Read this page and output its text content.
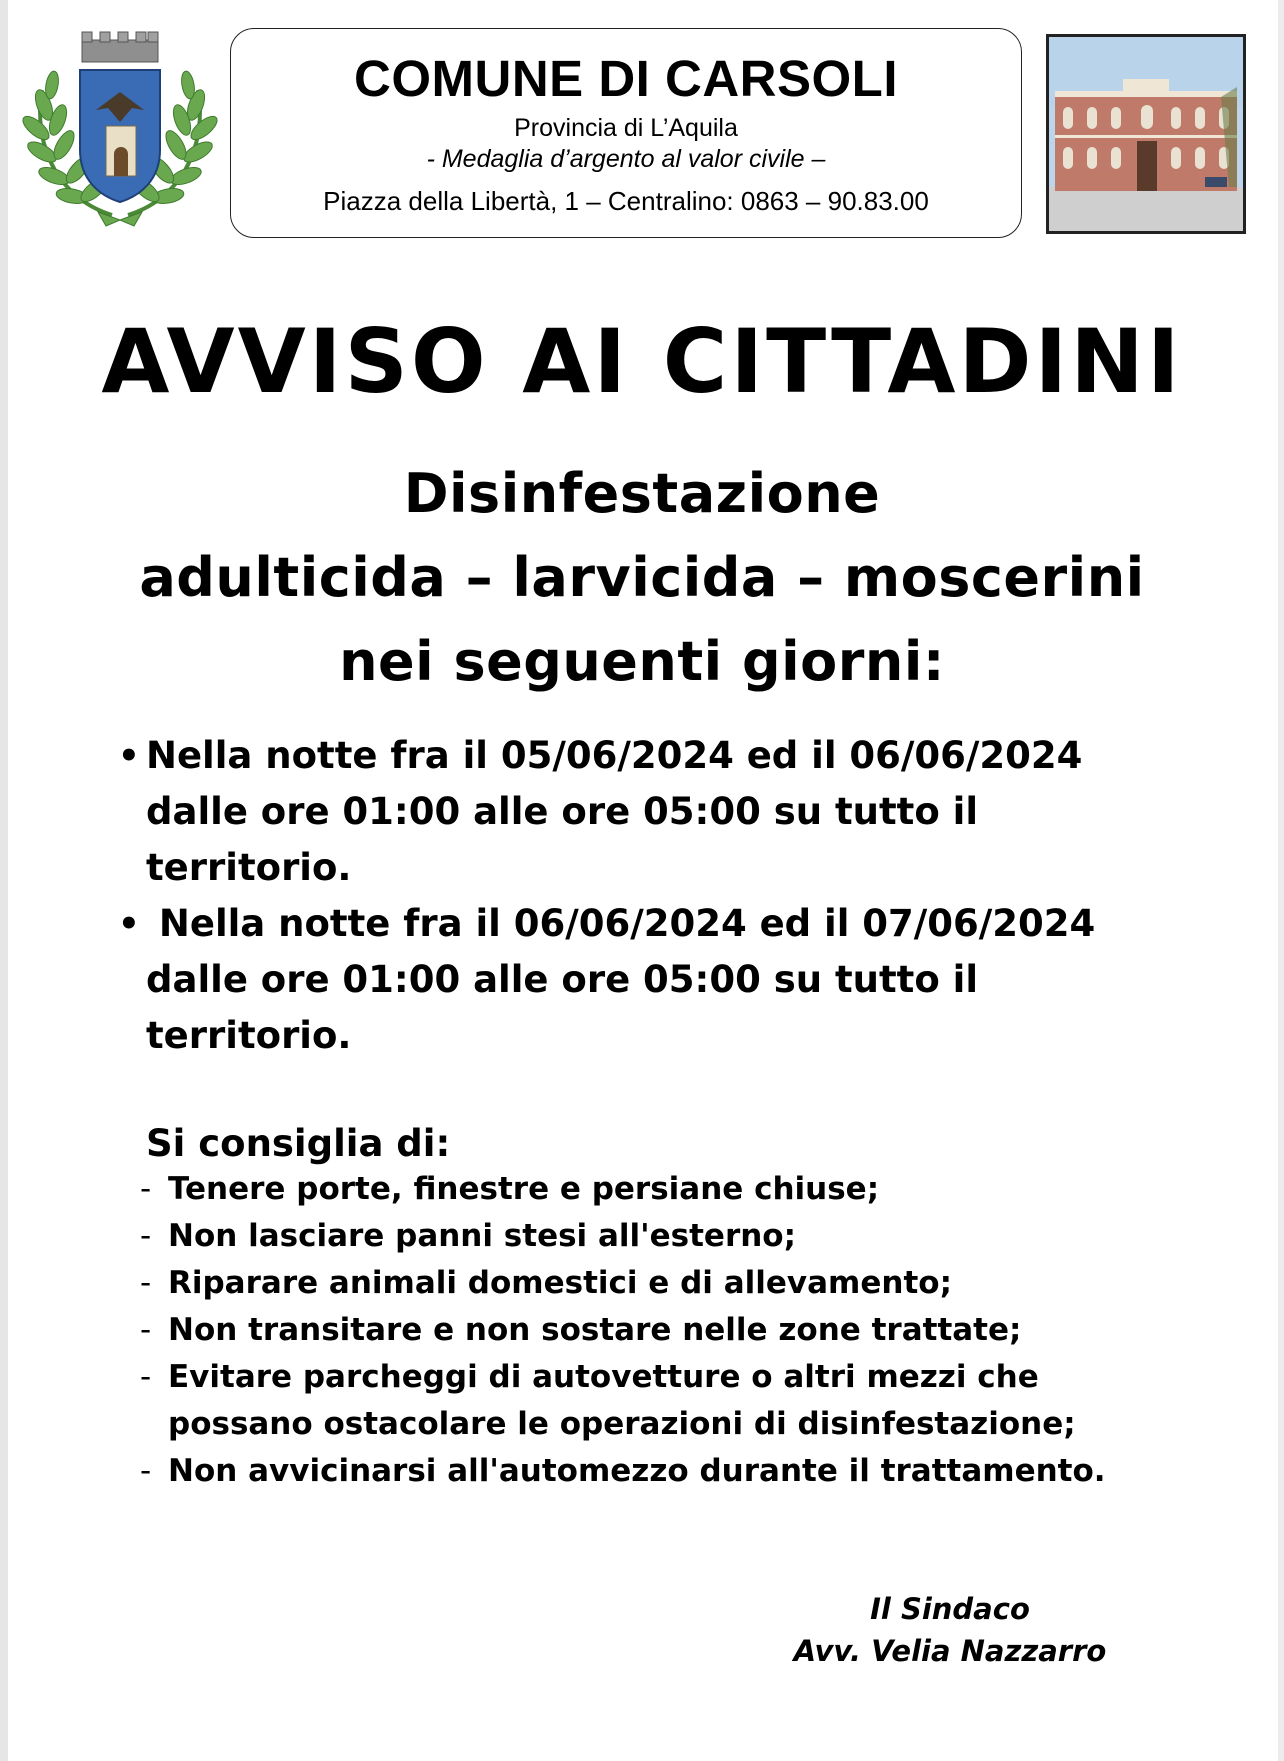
COMUNE DI CARSOLI
Provincia di L’Aquila
- Medaglia d’argento al valor civile –
Piazza della Libertà, 1 – Centralino: 0863 – 90.83.00
AVVISO AI CITTADINI
Disinfestazione
adulticida – larvicida – moscerini
nei seguenti giorni:
• Nella notte fra il 05/06/2024 ed il 06/06/2024
dalle ore 01:00 alle ore 05:00 su tutto il
territorio.
• Nella notte fra il 06/06/2024 ed il 07/06/2024
dalle ore 01:00 alle ore 05:00 su tutto il
territorio.
Si consiglia di:
- Tenere porte, finestre e persiane chiuse;
- Non lasciare panni stesi all'esterno;
- Riparare animali domestici e di allevamento;
- Non transitare e non sostare nelle zone trattate;
- Evitare parcheggi di autovetture o altri mezzi che
possano ostacolare le operazioni di disinfestazione;
- Non avvicinarsi all'automezzo durante il trattamento.
Il Sindaco
Avv. Velia Nazzarro
